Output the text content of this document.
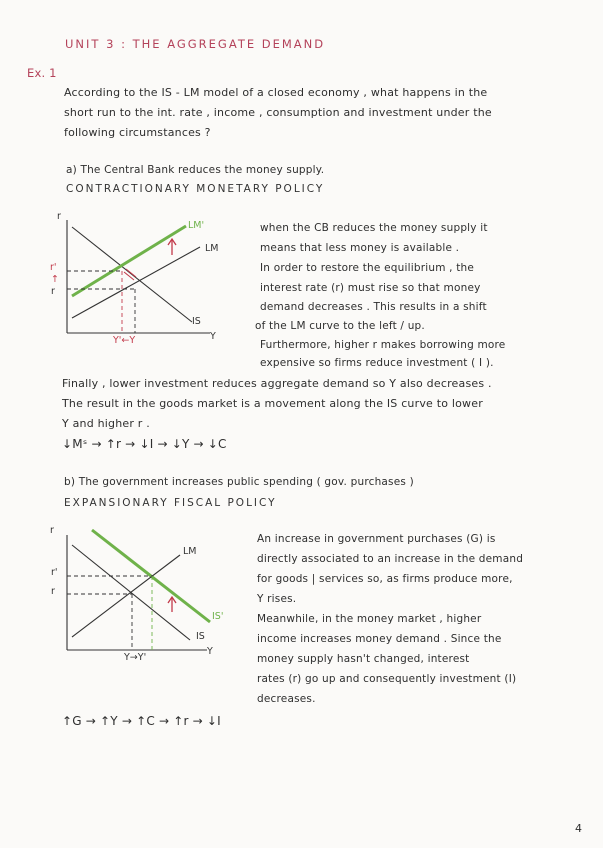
UNIT 3 : THE AGGREGATE DEMAND
Ex. 1
According to the IS - LM model of a closed economy , what happens in the
short run to the int. rate , income , consumption and investment under the
following circumstances ?
a) The Central Bank reduces the money supply.
CONTRACTIONARY MONETARY POLICY
r
Y
LM'
LM
IS
r'
↑
r
Y'←Y
when the CB reduces the money supply it
means that less money is available .
In order to restore the equilibrium , the
interest rate (r) must rise so that money
demand decreases . This results in a shift
of the LM curve to the left / up.
Furthermore, higher r makes borrowing more
expensive so firms reduce investment ( I ).
Finally , lower investment reduces aggregate demand so Y also decreases .
The result in the goods market is a movement along the IS curve to lower
Y and higher r .
↓Mˢ → ↑r → ↓I → ↓Y → ↓C
b) The government increases public spending ( gov. purchases )
EXPANSIONARY FISCAL POLICY
r
Y
LM
IS'
IS
r'
r
Y→Y'
An increase in government purchases (G) is
directly associated to an increase in the demand
for goods | services so, as firms produce more,
Y rises.
Meanwhile, in the money market , higher
income increases money demand . Since the
money supply hasn't changed, interest
rates (r) go up and consequently investment (I)
decreases.
↑G → ↑Y → ↑C → ↑r → ↓I
4
